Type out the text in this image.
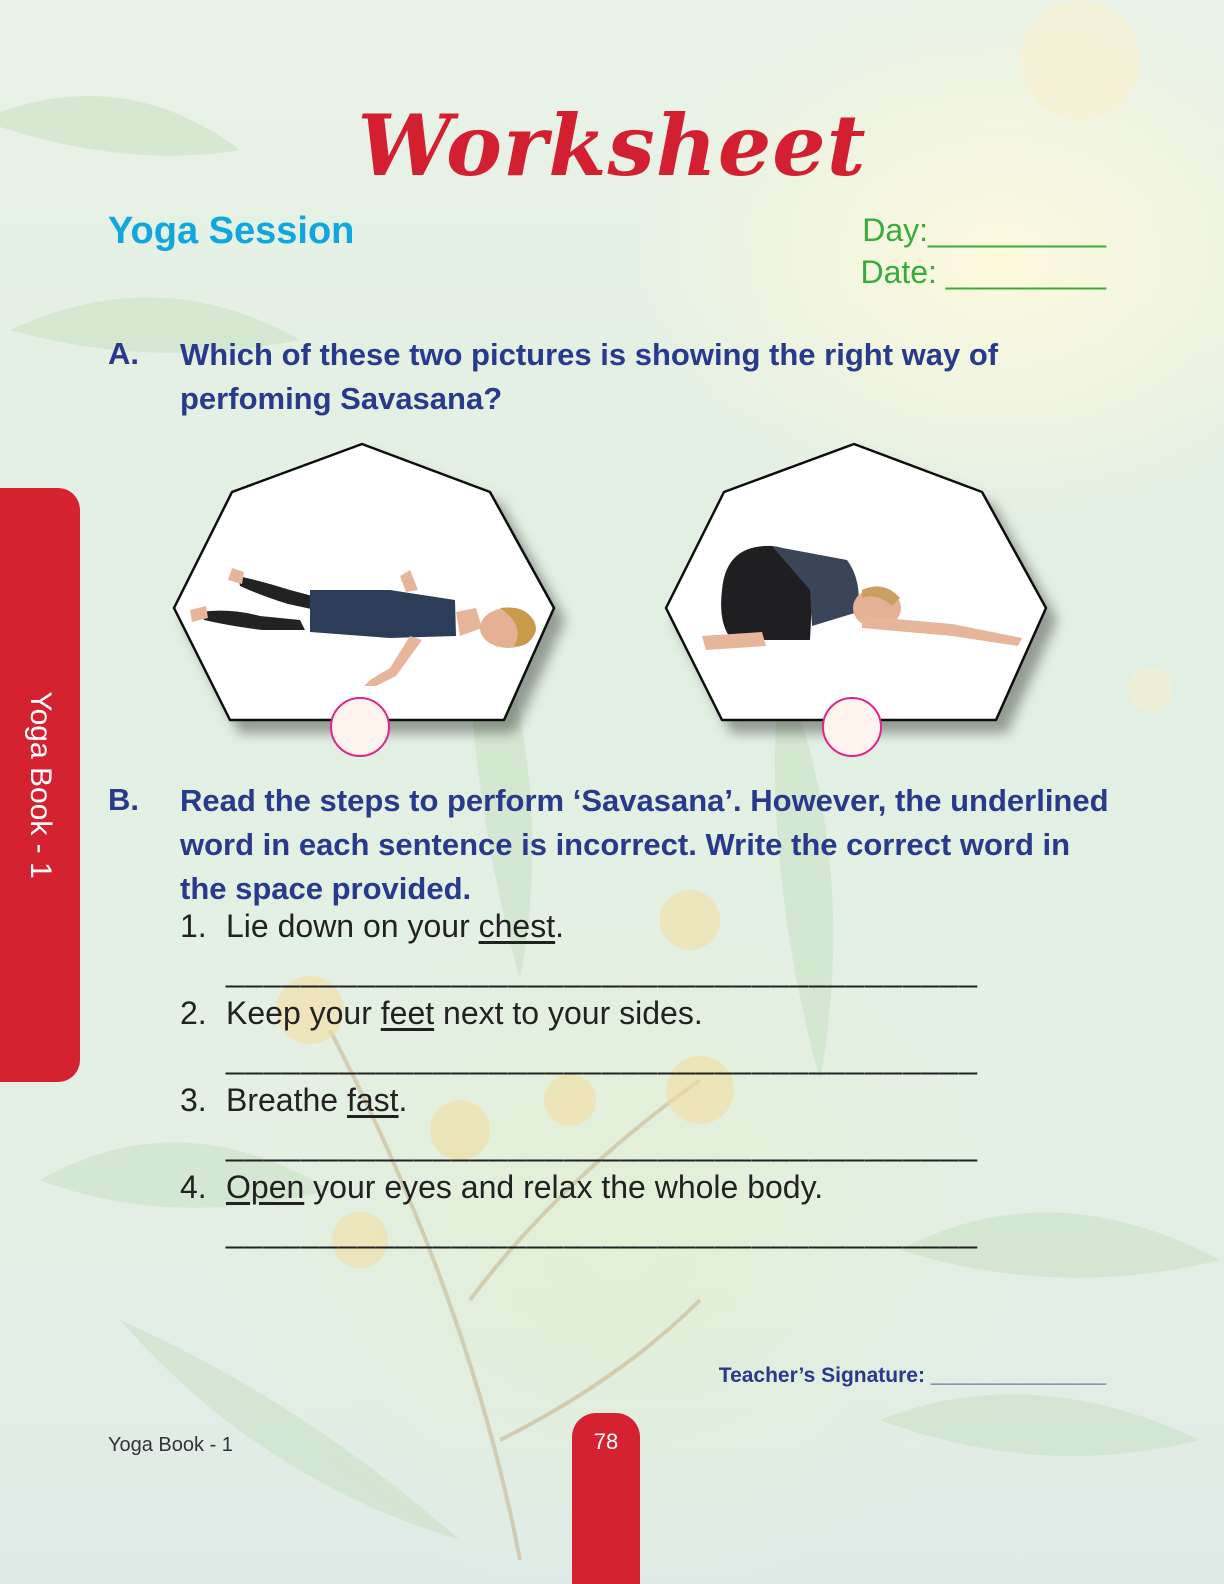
Worksheet
Yoga Session	Day:__________
Date: _________
A. Which of these two pictures is showing the right way of perfoming Savasana?
B. Read the steps to perform ‘Savasana’. However, the underlined word in each sentence is incorrect. Write the correct word in the space provided.
1. Lie down on your chest.
________________________________________
2. Keep your feet next to your sides.
________________________________________
3. Breathe fast.
________________________________________
4. Open your eyes and relax the whole body.
________________________________________
Teacher’s Signature: _______________
Yoga Book - 1
Yoga Book - 1	78
